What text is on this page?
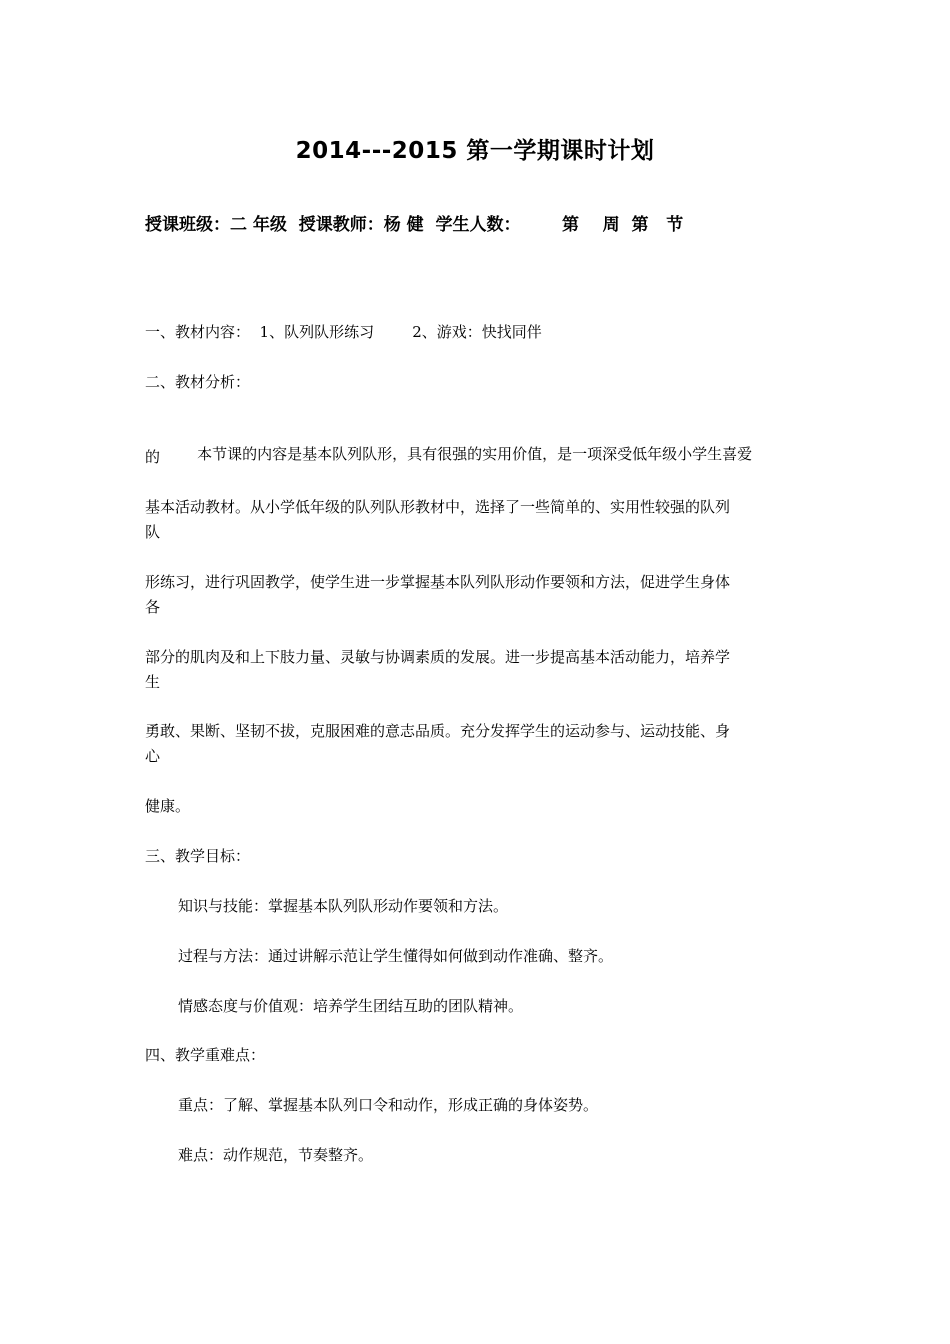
2014---2015 第一学期课时计划
授课班级：二 年级  授课教师：杨 健  学生人数：       第    周  第   节
一、教材内容：  1、队列队形练习        2、游戏：快找同伴
二、教材分析：

本节课的内容是基本队列队形，具有很强的实用价值，是一项深受低年级小学生喜爱

的
基本活动教材。从小学低年级的队列队形教材中，选择了一些简单的、实用性较强的队列
队
形练习，进行巩固教学，使学生进一步掌握基本队列队形动作要领和方法，促进学生身体
各
部分的肌肉及和上下肢力量、灵敏与协调素质的发展。进一步提高基本活动能力，培养学
生
勇敢、果断、坚韧不拔，克服困难的意志品质。充分发挥学生的运动参与、运动技能、身
心
健康。
三、教学目标：
知识与技能：掌握基本队列队形动作要领和方法。
过程与方法：通过讲解示范让学生懂得如何做到动作准确、整齐。
情感态度与价值观：培养学生团结互助的团队精神。
四、教学重难点：
重点：了解、掌握基本队列口令和动作，形成正确的身体姿势。
难点：动作规范，节奏整齐。
